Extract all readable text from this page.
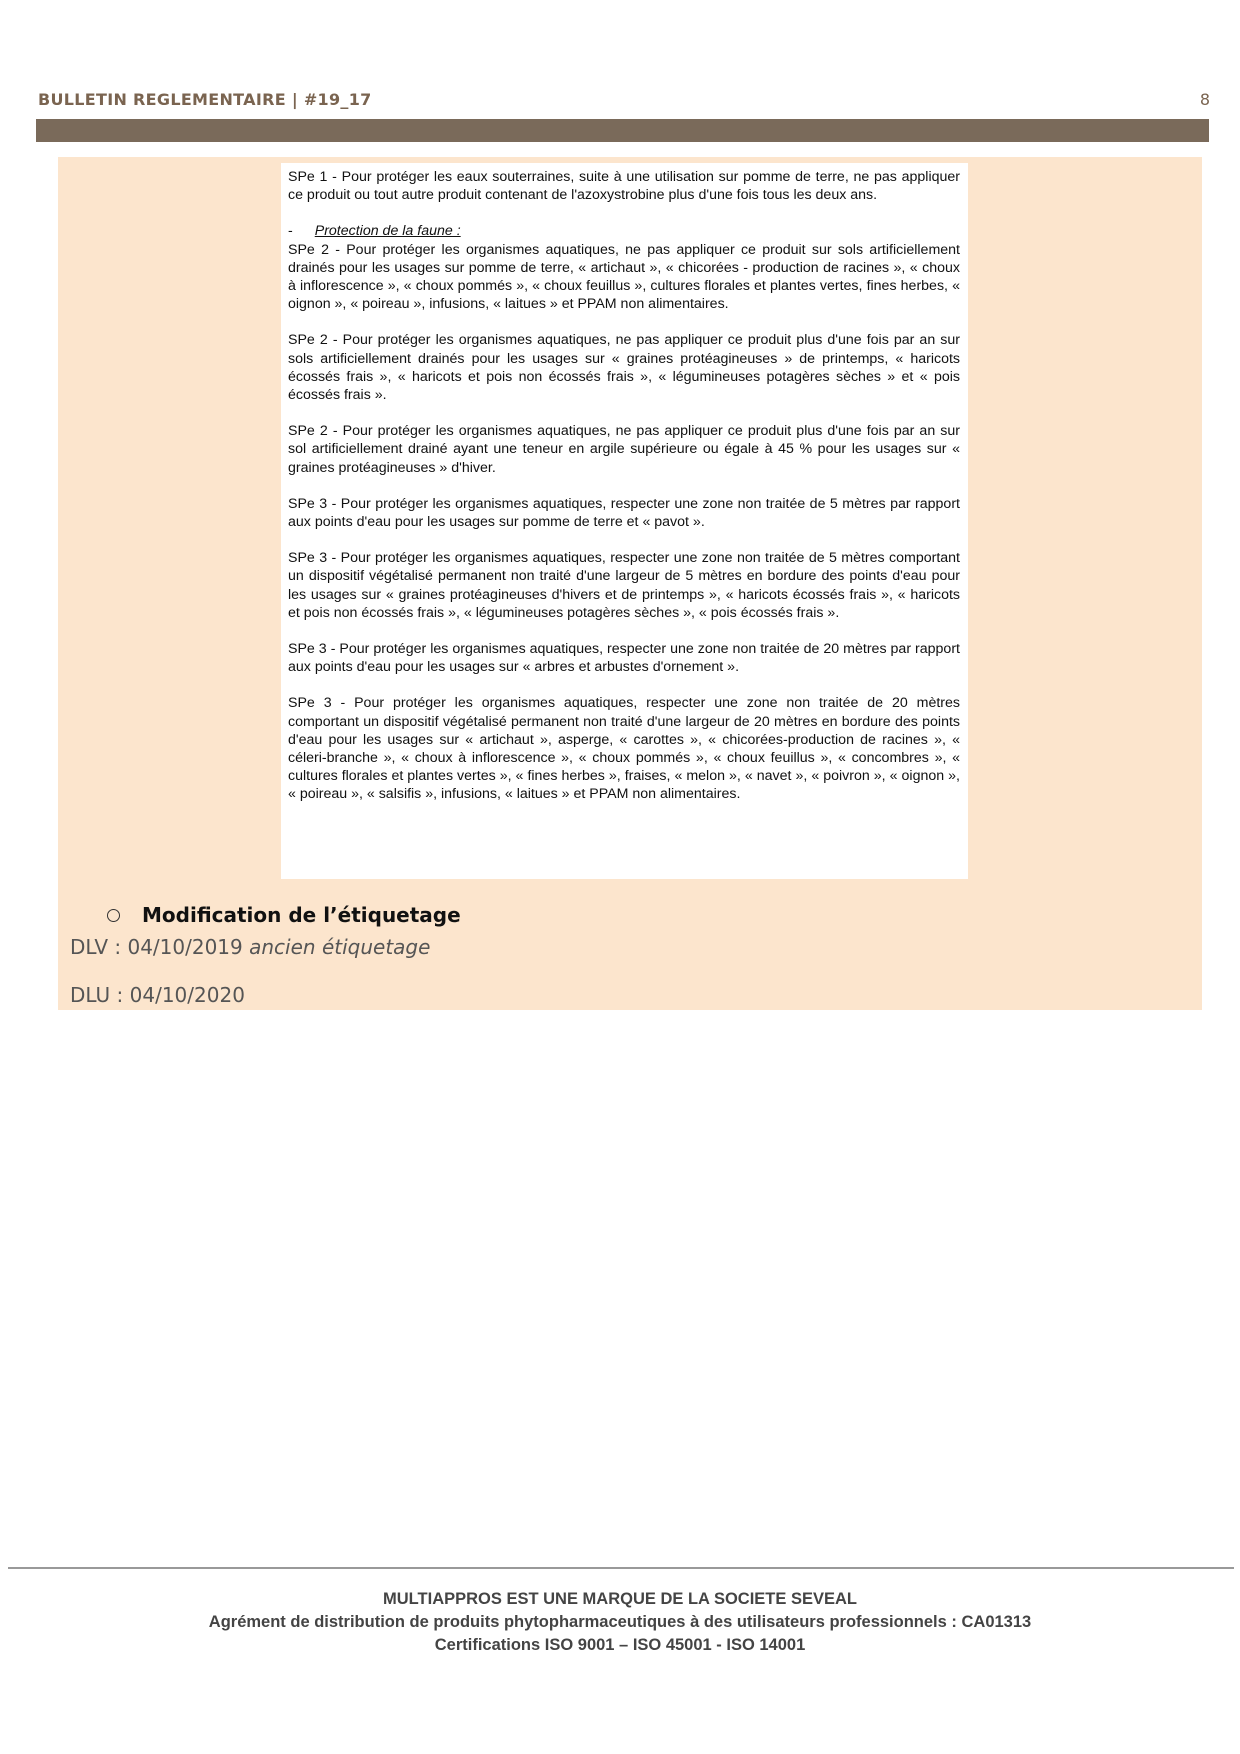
BULLETIN REGLEMENTAIRE | #19_17	8

SPe 1 - Pour protéger les eaux souterraines, suite à une utilisation sur pomme de terre, ne pas appliquer ce produit ou tout autre produit contenant de l'azoxystrobine plus d'une fois tous les deux ans.

- Protection de la faune :

SPe 2 - Pour protéger les organismes aquatiques, ne pas appliquer ce produit sur sols artificiellement drainés pour les usages sur pomme de terre, « artichaut », « chicorées - production de racines », « choux à inflorescence », « choux pommés », « choux feuillus », cultures florales et plantes vertes, fines herbes, « oignon », « poireau », infusions, « laitues » et PPAM non alimentaires.

SPe 2 - Pour protéger les organismes aquatiques, ne pas appliquer ce produit plus d'une fois par an sur sols artificiellement drainés pour les usages sur « graines protéagineuses » de printemps, « haricots écossés frais », « haricots et pois non écossés frais », « légumineuses potagères sèches » et « pois écossés frais ».

SPe 2 - Pour protéger les organismes aquatiques, ne pas appliquer ce produit plus d'une fois par an sur sol artificiellement drainé ayant une teneur en argile supérieure ou égale à 45 % pour les usages sur « graines protéagineuses » d'hiver.

SPe 3 - Pour protéger les organismes aquatiques, respecter une zone non traitée de 5 mètres par rapport aux points d'eau pour les usages sur pomme de terre et « pavot ».

SPe 3 - Pour protéger les organismes aquatiques, respecter une zone non traitée de 5 mètres comportant un dispositif végétalisé permanent non traité d'une largeur de 5 mètres en bordure des points d'eau pour les usages sur « graines protéagineuses d'hivers et de printemps », « haricots écossés frais », « haricots et pois non écossés frais », « légumineuses potagères sèches », « pois écossés frais ».

SPe 3 - Pour protéger les organismes aquatiques, respecter une zone non traitée de 20 mètres par rapport aux points d'eau pour les usages sur « arbres et arbustes d'ornement ».

SPe 3 - Pour protéger les organismes aquatiques, respecter une zone non traitée de 20 mètres comportant un dispositif végétalisé permanent non traité d'une largeur de 20 mètres en bordure des points d'eau pour les usages sur « artichaut », asperge, « carottes », « chicorées-production de racines », « céleri-branche », « choux à inflorescence », « choux pommés », « choux feuillus », « concombres », « cultures florales et plantes vertes », « fines herbes », fraises, « melon », « navet », « poivron », « oignon », « poireau », « salsifis », infusions, « laitues » et PPAM non alimentaires.

Modification de l’étiquetage
DLV : 04/10/2019 ancien étiquetage
DLU : 04/10/2020
MULTIAPPROS EST UNE MARQUE DE LA SOCIETE SEVEAL
Agrément de distribution de produits phytopharmaceutiques à des utilisateurs professionnels : CA01313
Certifications ISO 9001 – ISO 45001 - ISO 14001
